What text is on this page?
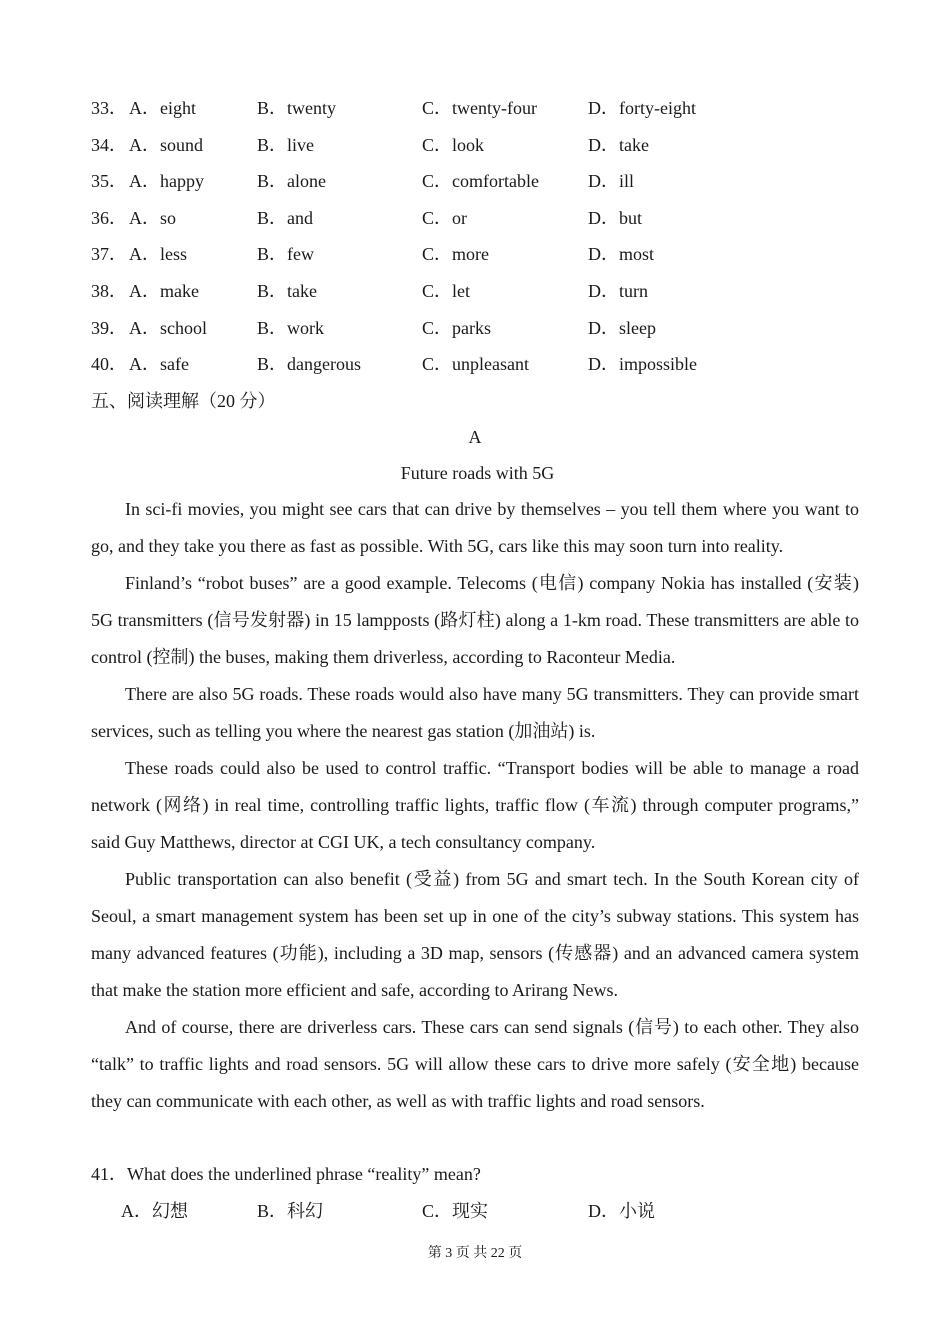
33． A．eight	B．twenty	C．twenty-four	D．forty-eight
34． A．sound	B．live	C．look	D．take
35． A．happy	B．alone	C．comfortable	D．ill
36． A．so	B．and	C．or	D．but
37． A．less	B．few	C．more	D．most
38． A．make	B．take	C．let	D．turn
39． A．school	B．work	C．parks	D．sleep
40． A．safe	B．dangerous	C．unpleasant	D．impossible
五、阅读理解（20 分）
A
Future roads with 5G

In sci-fi movies, you might see cars that can drive by themselves – you tell them where you want to go, and they take you there as fast as possible. With 5G, cars like this may soon turn into reality.

Finland’s “robot buses” are a good example. Telecoms (电信) company Nokia has installed (安装) 5G transmitters (信号发射器) in 15 lampposts (路灯柱) along a 1-km road. These transmitters are able to control (控制) the buses, making them driverless, according to Raconteur Media.

There are also 5G roads. These roads would also have many 5G transmitters. They can provide smart services, such as telling you where the nearest gas station (加油站) is.

These roads could also be used to control traffic. “Transport bodies will be able to manage a road network (网络) in real time, controlling traffic lights, traffic flow (车流) through computer programs,” said Guy Matthews, director at CGI UK, a tech consultancy company.

Public transportation can also benefit (受益) from 5G and smart tech. In the South Korean city of Seoul, a smart management system has been set up in one of the city’s subway stations. This system has many advanced features (功能), including a 3D map, sensors (传感器) and an advanced camera system that make the station more efficient and safe, according to Arirang News.

And of course, there are driverless cars. These cars can send signals (信号) to each other. They also “talk” to traffic lights and road sensors. 5G will allow these cars to drive more safely (安全地) because they can communicate with each other, as well as with traffic lights and road sensors.

41．What does the underlined phrase “reality” mean?
A．幻想	B．科幻	C．现实	D．小说
第 3 页 共 22 页
